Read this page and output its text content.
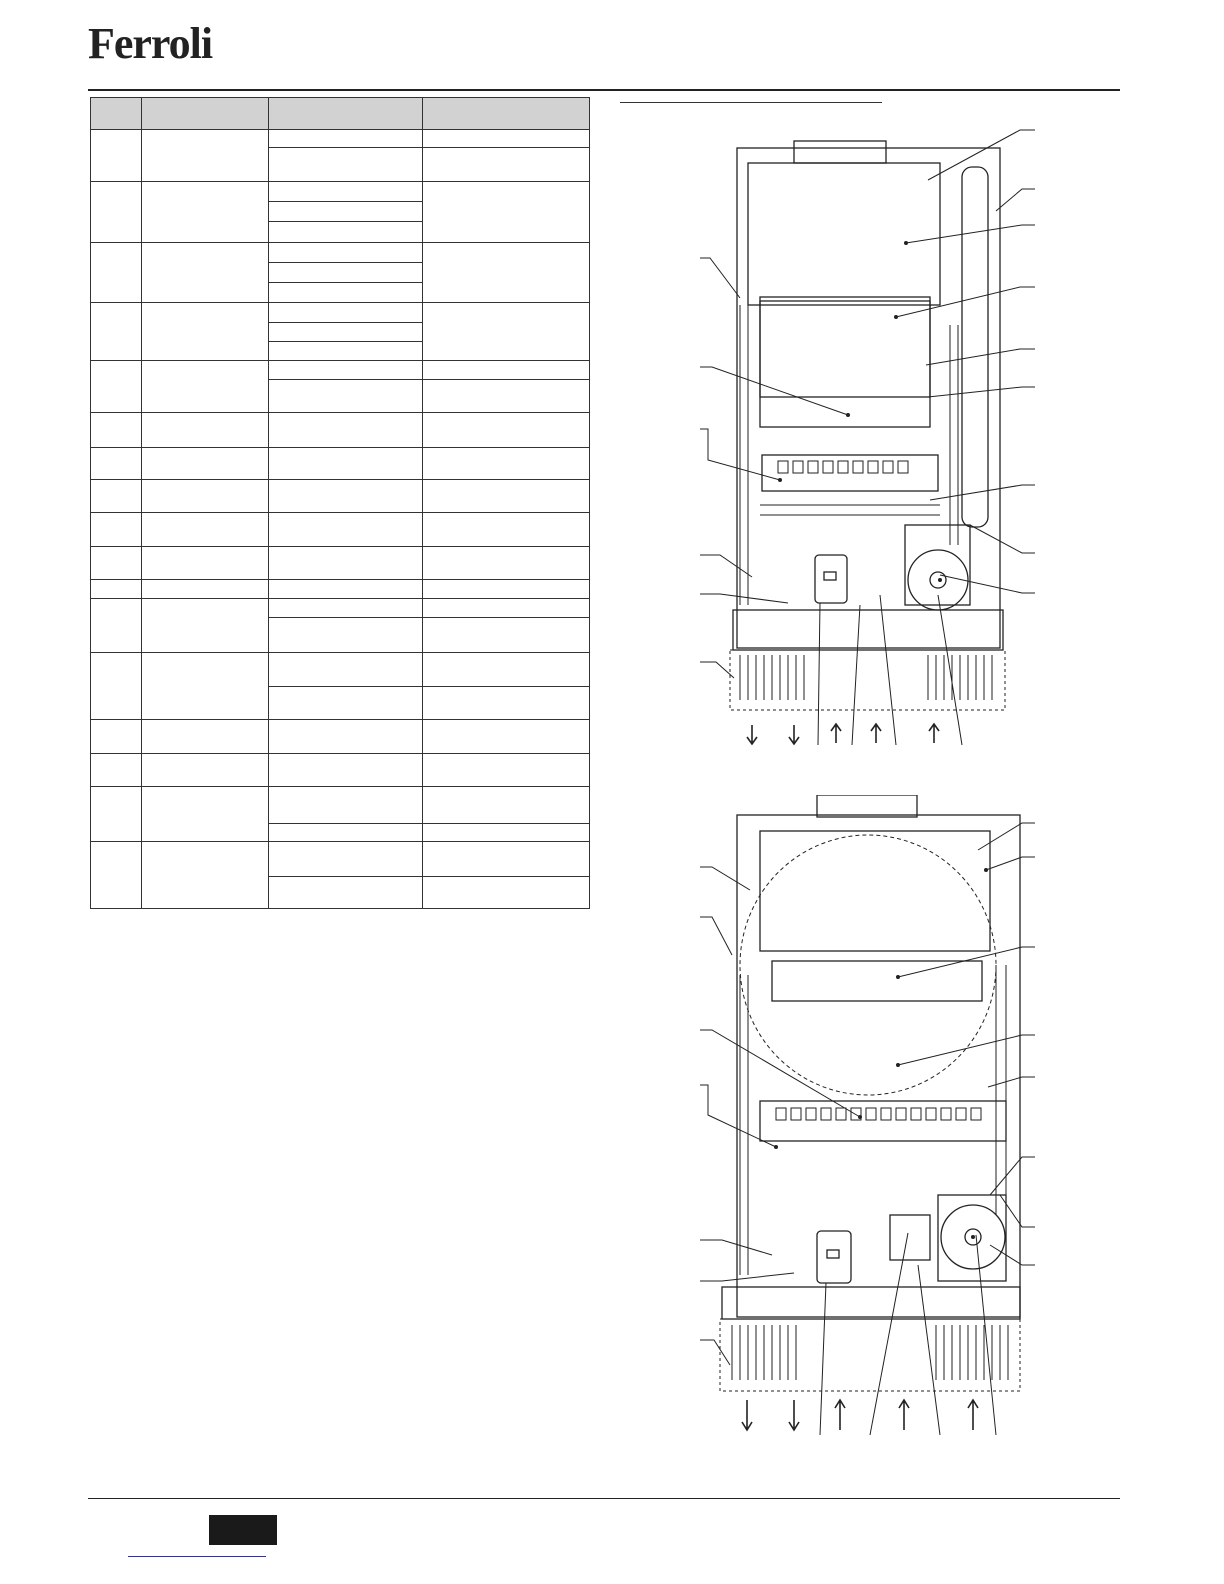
Ferroli
